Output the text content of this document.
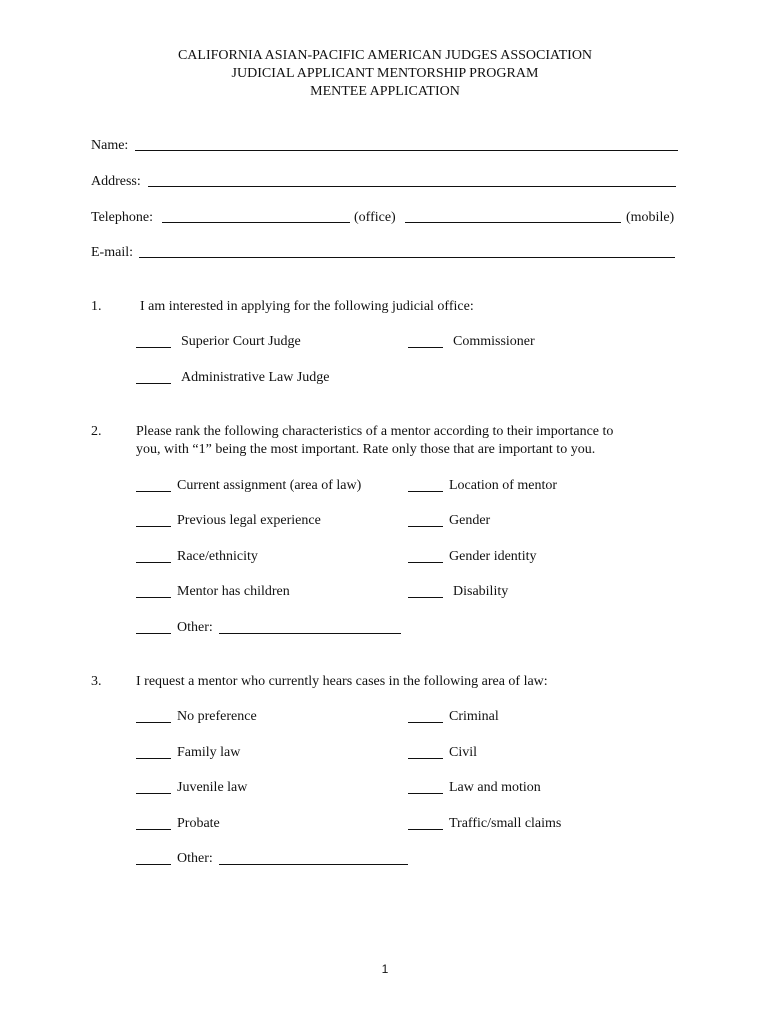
CALIFORNIA ASIAN-PACIFIC AMERICAN JUDGES ASSOCIATION
JUDICIAL APPLICANT MENTORSHIP PROGRAM
MENTEE APPLICATION
Name:
Address:
Telephone:	(office)	(mobile)
E-mail:
1.	I am interested in applying for the following judicial office:
Superior Court Judge	Commissioner
Administrative Law Judge
2. Please rank the following characteristics of a mentor according to their importance to
you, with “1” being the most important. Rate only those that are important to you.
Current assignment (area of law)	Location of mentor
Previous legal experience	Gender
Race/ethnicity	Gender identity
Mentor has children	Disability
Other:
3. I request a mentor who currently hears cases in the following area of law:
No preference	Criminal
Family law	Civil
Juvenile law	Law and motion
Probate	Traffic/small claims
Other:
1
